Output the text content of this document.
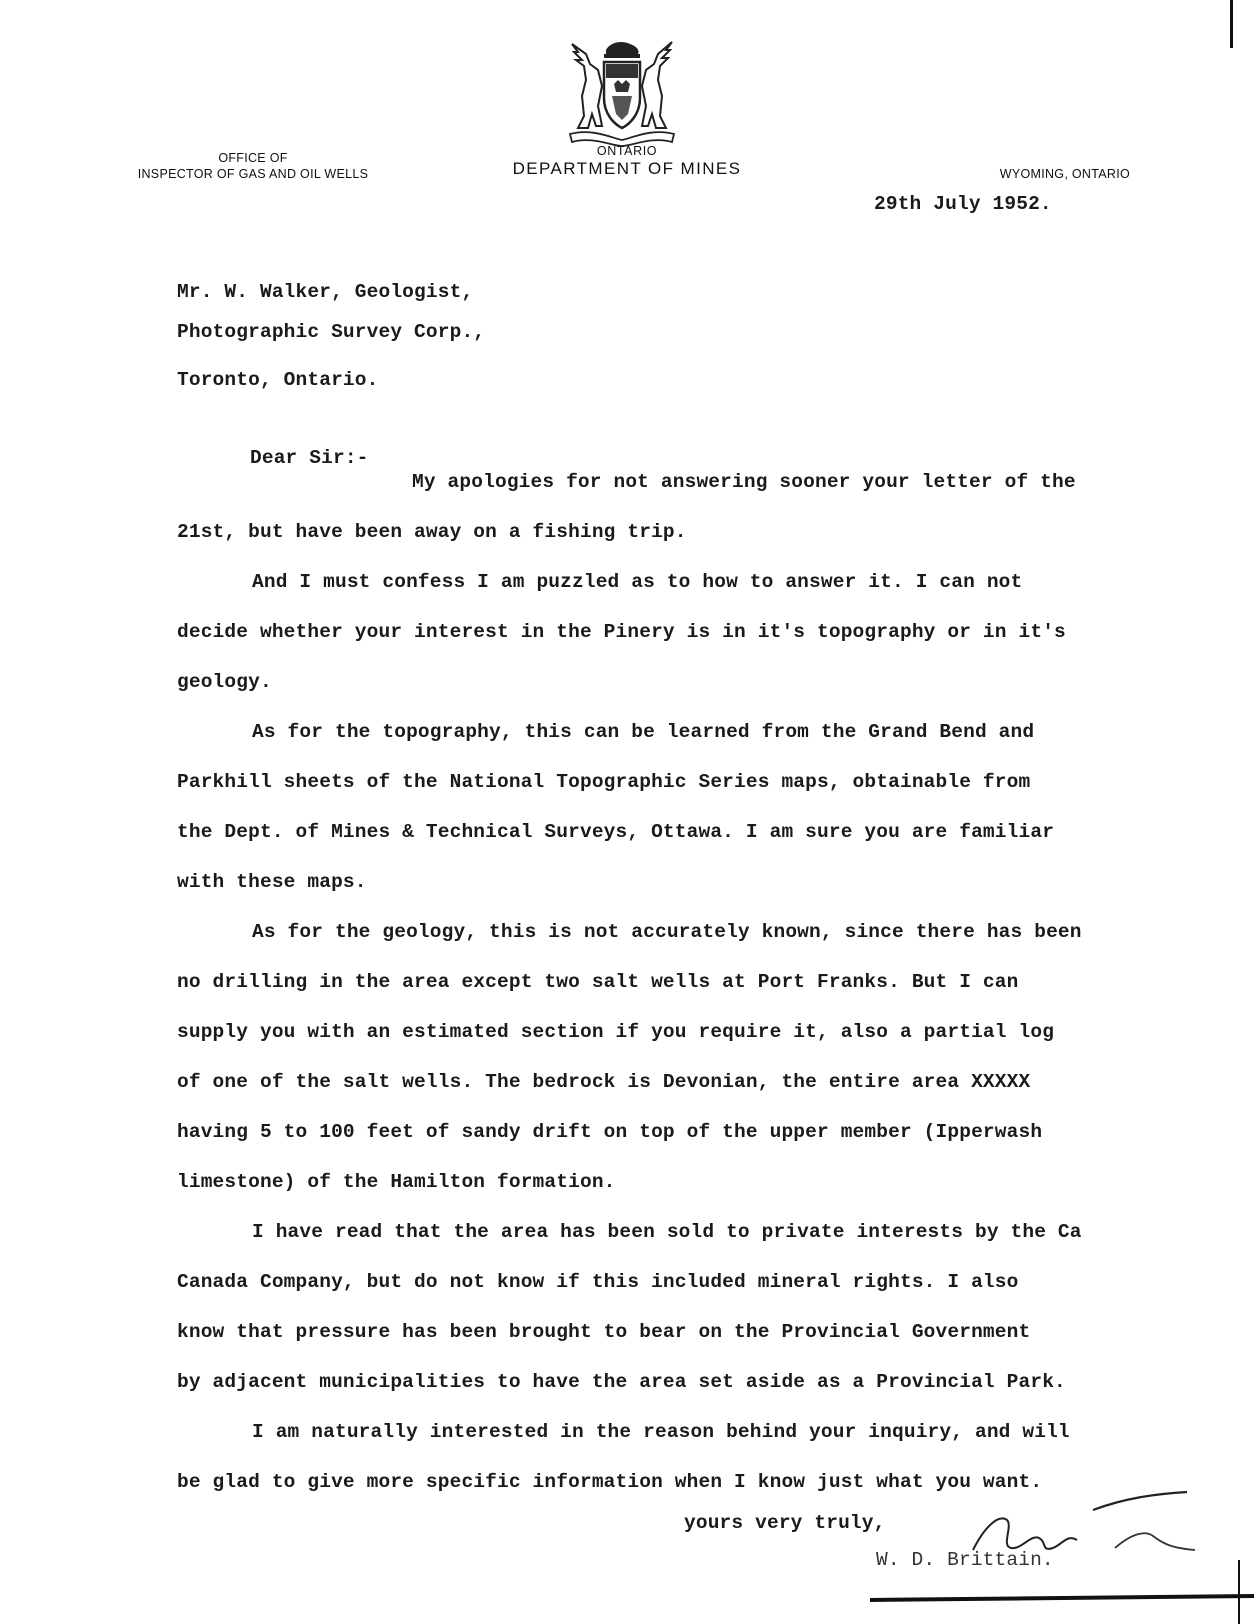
OFFICE OF
INSPECTOR OF GAS AND OIL WELLS
ONTARIO
DEPARTMENT OF MINES	WYOMING, ONTARIO
29th July 1952.
Mr. W. Walker, Geologist,
Photographic Survey Corp.,
Toronto, Ontario.
Dear Sir:-
My apologies for not answering sooner your letter of the
21st, but have been away on a fishing trip.
And I must confess I am puzzled as to how to answer it. I can not
decide whether your interest in the Pinery is in it's topography or in it's
geology.
As for the topography, this can be learned from the Grand Bend and
Parkhill sheets of the National Topographic Series maps, obtainable from
the Dept. of Mines & Technical Surveys, Ottawa. I am sure you are familiar
with these maps.
As for the geology, this is not accurately known, since there has been
no drilling in the area except two salt wells at Port Franks. But I can
supply you with an estimated section if you require it, also a partial log
of one of the salt wells. The bedrock is Devonian, the entire area XXXXX
having 5 to 100 feet of sandy drift on top of the upper member (Ipperwash
limestone) of the Hamilton formation.
I have read that the area has been sold to private interests by the Ca
Canada Company, but do not know if this included mineral rights. I also
know that pressure has been brought to bear on the Provincial Government
by adjacent municipalities to have the area set aside as a Provincial Park.
I am naturally interested in the reason behind your inquiry, and will
be glad to give more specific information when I know just what you want.
yours very truly,
W. D. Brittain.
